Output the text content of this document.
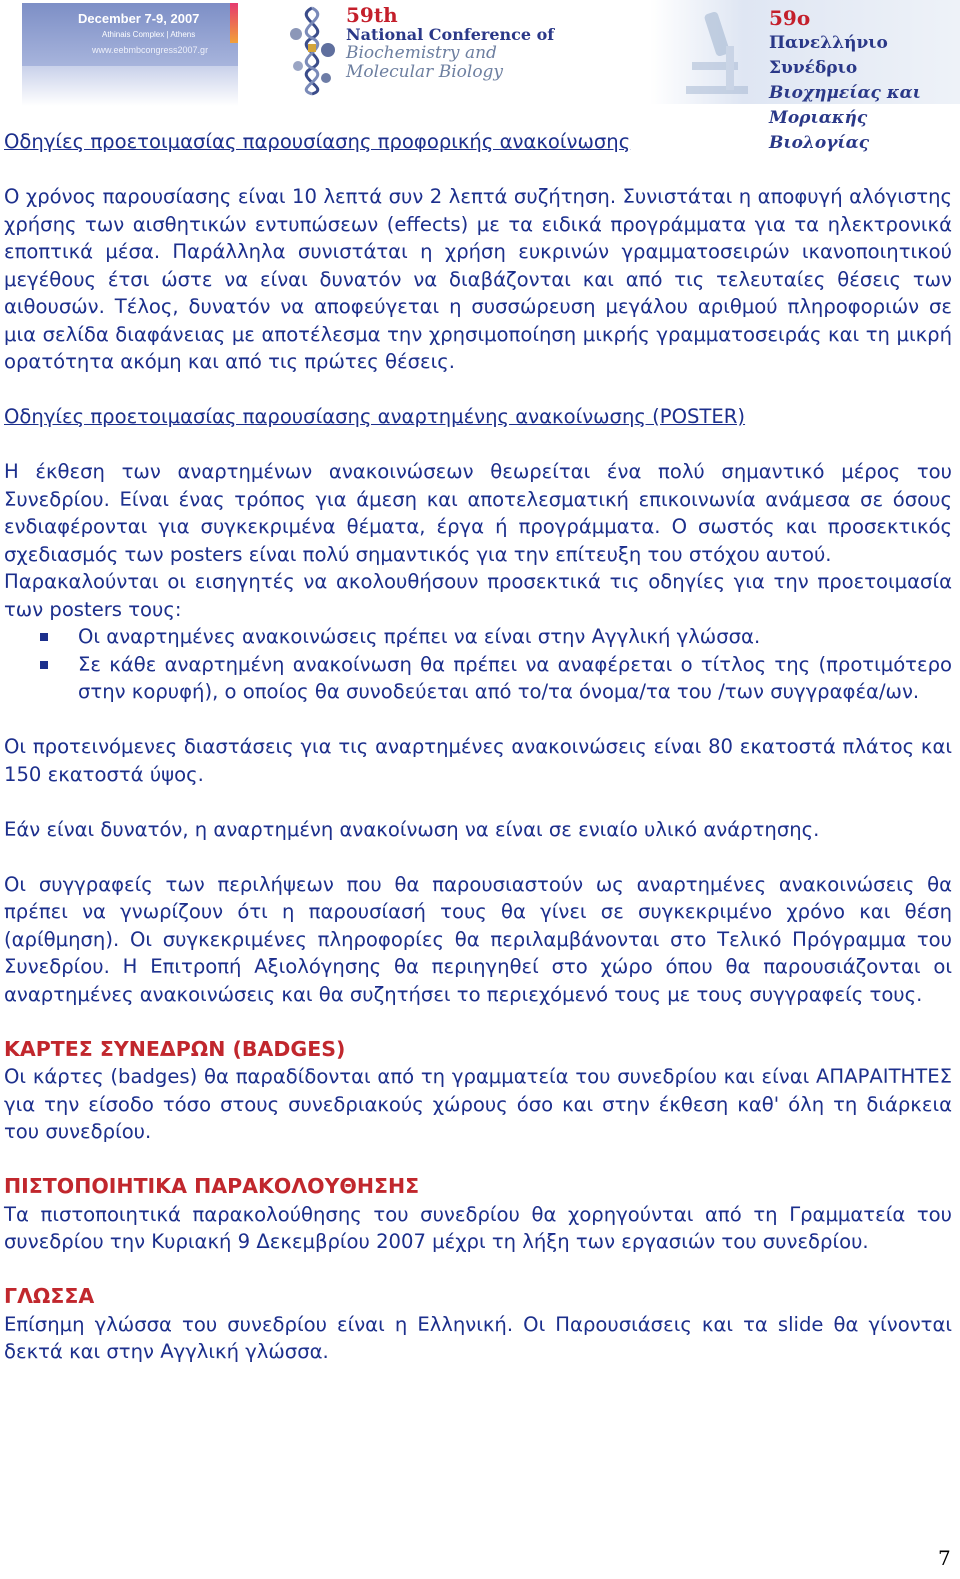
December 7-9, 2007
Athinais Complex | Athens
www.eebmbcongress2007.gr
59th
National Conference of
Biochemistry and
Molecular Biology
59ο
Πανελλήνιο Συνέδριο
Βιοχημείας και
Μοριακής Βιολογίας
Οδηγίες προετοιμασίας παρουσίασης προφορικής ανακοίνωσης

Ο χρόνος παρουσίασης είναι 10 λεπτά συν 2 λεπτά συζήτηση. Συνιστάται η αποφυγή αλόγιστης χρήσης των αισθητικών εντυπώσεων (effects) με τα ειδικά προγράμματα για τα ηλεκτρονικά εποπτικά μέσα. Παράλληλα συνιστάται η χρήση ευκρινών γραμματοσειρών ικανοποιητικού μεγέθους έτσι ώστε να είναι δυνατόν να διαβάζονται και από τις τελευταίες θέσεις των αιθουσών. Τέλος, δυνατόν να αποφεύγεται η συσσώρευση μεγάλου αριθμού πληροφοριών σε μια σελίδα διαφάνειας με αποτέλεσμα την χρησιμοποίηση μικρής γραμματοσειράς και τη μικρή ορατότητα ακόμη και από τις πρώτες θέσεις.

Οδηγίες προετοιμασίας παρουσίασης αναρτημένης ανακοίνωσης (POSTER)

Η έκθεση των αναρτημένων ανακοινώσεων θεωρείται ένα πολύ σημαντικό μέρος του Συνεδρίου. Είναι ένας τρόπος για άμεση και αποτελεσματική επικοινωνία ανάμεσα σε όσους ενδιαφέρονται για συγκεκριμένα θέματα, έργα ή προγράμματα. Ο σωστός και προσεκτικός σχεδιασμός των posters είναι πολύ σημαντικός για την επίτευξη του στόχου αυτού.

Παρακαλούνται οι εισηγητές να ακολουθήσουν προσεκτικά τις οδηγίες για την προετοιμασία των posters τους:

Οι αναρτημένες ανακοινώσεις πρέπει να είναι στην Αγγλική γλώσσα.
Σε κάθε αναρτημένη ανακοίνωση θα πρέπει να αναφέρεται ο τίτλος της (προτιμότερο στην κορυφή), ο οποίος θα συνοδεύεται από το/τα όνομα/τα του /των συγγραφέα/ων.

Οι προτεινόμενες διαστάσεις για τις αναρτημένες ανακοινώσεις είναι 80 εκατοστά πλάτος και 150 εκατοστά ύψος.

Εάν είναι δυνατόν, η αναρτημένη ανακοίνωση να είναι σε ενιαίο υλικό ανάρτησης.

Οι συγγραφείς των περιλήψεων που θα παρουσιαστούν ως αναρτημένες ανακοινώσεις θα πρέπει να γνωρίζουν ότι η παρουσίασή τους θα γίνει σε συγκεκριμένο χρόνο και θέση (αρίθμηση). Οι συγκεκριμένες πληροφορίες θα περιλαμβάνονται στο Τελικό Πρόγραμμα του Συνεδρίου. Η Επιτροπή Αξιολόγησης θα περιηγηθεί στο χώρο όπου θα παρουσιάζονται οι αναρτημένες ανακοινώσεις και θα συζητήσει το περιεχόμενό τους με τους συγγραφείς τους.

ΚΑΡΤΕΣ ΣΥΝΕΔΡΩΝ (BADGES)

Οι κάρτες (badges) θα παραδίδονται από τη γραμματεία του συνεδρίου και είναι ΑΠΑΡΑΙΤΗΤΕΣ για την είσοδο τόσο στους συνεδριακούς χώρους όσο και στην έκθεση καθ' όλη τη διάρκεια του συνεδρίου.

ΠΙΣΤΟΠΟΙΗΤΙΚΑ ΠΑΡΑΚΟΛΟΥΘΗΣΗΣ

Τα πιστοποιητικά παρακολούθησης του συνεδρίου θα χορηγούνται από τη Γραμματεία του συνεδρίου την Κυριακή 9 Δεκεμβρίου 2007 μέχρι τη λήξη των εργασιών του συνεδρίου.

ΓΛΩΣΣΑ

Επίσημη γλώσσα του συνεδρίου είναι η Ελληνική. Οι Παρουσιάσεις και τα slide θα γίνονται δεκτά και στην Αγγλική γλώσσα.

7
